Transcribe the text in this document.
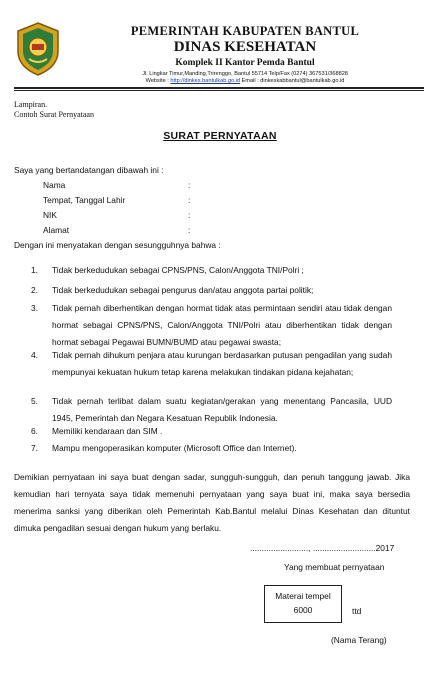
PEMERINTAH KABUPATEN BANTUL
DINAS KESEHATAN
Komplek II Kantor Pemda Bantul
Jl. Lingkar Timur,Manding,Trirenggo, Bantul 55714 Telp/Fax (0274) 367531/368828
Website : http://dinkes.bantulkab.go.id Email : dinkeskabbantul@bantulkab.go.id
Lampiran.
Contoh Surat Pernyataan
SURAT PERNYATAAN
Saya yang bertandatangan dibawah ini :
Nama	:
Tempat, Tanggal Lahir	:
NIK	:
Alamat	:
Dengan ini menyatakan dengan sesungguhnya bahwa :
1.	Tidak berkedudukan sebagai CPNS/PNS, Calon/Anggota TNI/Polri ;
2.	Tidak berkedudukan sebagai pengurus dan/atau anggota partai politik;
3.	Tidak pernah diberhentikan dengan hormat tidak atas permintaan sendiri atau tidak dengan hormat sebagai CPNS/PNS, Calon/Anggota TNI/Polri atau diberhentikan tidak dengan hormat sebagai Pegawai BUMN/BUMD atau pegawai swasta;
4.	Tidak pernah dihukum penjara atau kurungan berdasarkan putusan pengadilan yang sudah mempunyai kekuatan hukum tetap karena melakukan tindakan pidana kejahatan;
5.	Tidak pernah terlibat dalam suatu kegiatan/gerakan yang menentang Pancasila, UUD 1945, Pemerintah dan Negara Kesatuan Republik Indonesia.
6.	Memiliki kendaraan dan SIM .
7.	Mampu mengoperasikan komputer (Microsoft Office dan Internet).
Demikian pernyataan ini saya buat dengan sadar, sungguh-sungguh, dan penuh tanggung jawab. Jika kemudian hari ternyata saya tidak memenuhi pernyataan yang saya buat ini, maka saya bersedia menerima sanksi yang diberikan oleh Pemerintah Kab.Bantul melalui Dinas Kesehatan dan dituntut dimuka pengadilan sesuai dengan hukum yang berlaku.
........................., ...........................2017
Yang membuat pernyataan
Materai tempel
6000	ttd
(Nama Terang)
